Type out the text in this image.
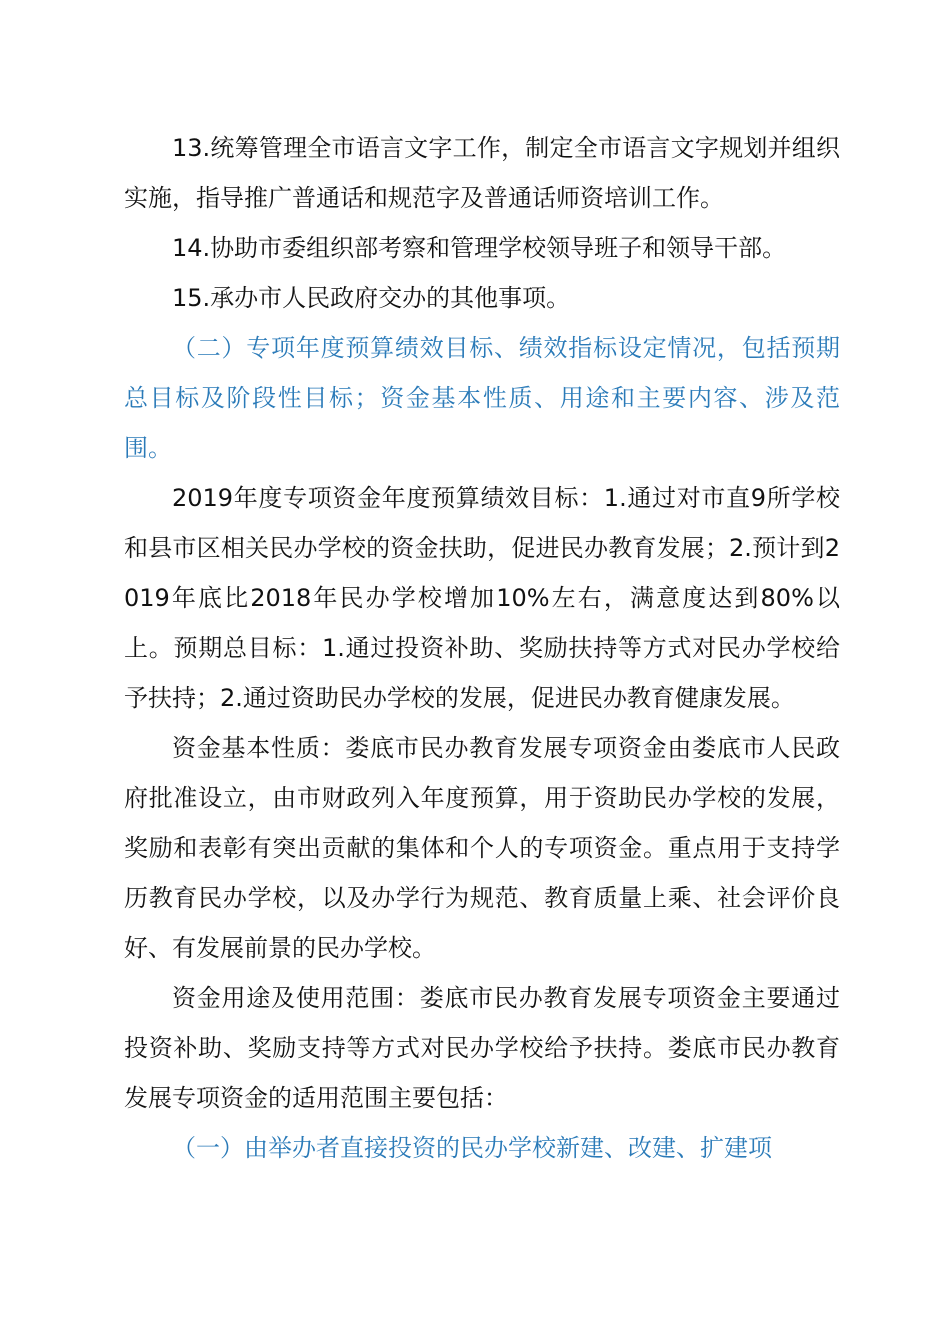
13.统筹管理全市语言文字工作，制定全市语言文字规划并组织实施，指导推广普通话和规范字及普通话师资培训工作。

14.协助市委组织部考察和管理学校领导班子和领导干部。

15.承办市人民政府交办的其他事项。

（二）专项年度预算绩效目标、绩效指标设定情况，包括预期总目标及阶段性目标；资金基本性质、用途和主要内容、涉及范围。

2019年度专项资金年度预算绩效目标：1.通过对市直9所学校和县市区相关民办学校的资金扶助，促进民办教育发展；2.预计到2019年底比2018年民办学校增加10%左右，满意度达到80%以上。预期总目标：1.通过投资补助、奖励扶持等方式对民办学校给予扶持；2.通过资助民办学校的发展，促进民办教育健康发展。

资金基本性质：娄底市民办教育发展专项资金由娄底市人民政府批准设立，由市财政列入年度预算，用于资助民办学校的发展，奖励和表彰有突出贡献的集体和个人的专项资金。重点用于支持学历教育民办学校，以及办学行为规范、教育质量上乘、社会评价良好、有发展前景的民办学校。

资金用途及使用范围：娄底市民办教育发展专项资金主要通过投资补助、奖励支持等方式对民办学校给予扶持。娄底市民办教育发展专项资金的适用范围主要包括：

（一）由举办者直接投资的民办学校新建、改建、扩建项
